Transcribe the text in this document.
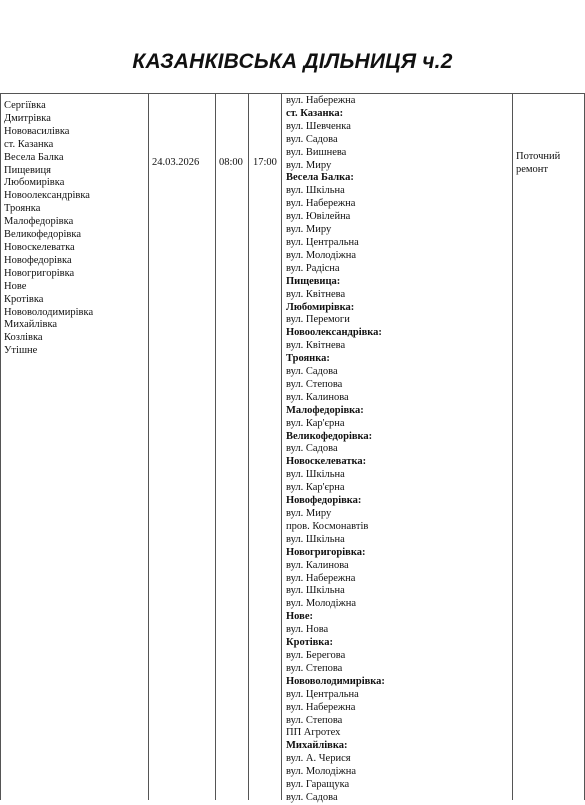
КАЗАНКІВСЬКА ДІЛЬНИЦЯ ч.2
Сергіївка
Дмитрівка
Нововасилівка
ст. Казанка
Весела Балка
Пищевиця
Любомирівка
Новоолександрівка
Троянка
Малофедорівка
Великофедорівка
Новоскелеватка
Новофедорівка
Новогригорівка
Нове
Кротівка
Нововолодимирівка
Михайлівка
Козлівка
Утішне
24.03.2026 08:00 17:00
вул. Набережна
ст. Казанка:
вул. Шевченка
вул. Садова
вул. Вишнева
вул. Миру
Весела Балка:
вул. Шкільна
вул. Набережна
вул. Ювілейна
вул. Миру
вул. Центральна
вул. Молодіжна
вул. Радісна
Пищевица:
вул. Квітнева
Любомирівка:
вул. Перемоги
Новоолександрівка:
вул. Квітнева
Троянка:
вул. Садова
вул. Степова
вул. Калинова
Малофедорівка:
вул. Кар'єрна
Великофедорівка:
вул. Садова
Новоскелеватка:
вул. Шкільна
вул. Кар'єрна
Новофедорівка:
вул. Миру
пров. Космонавтів
вул. Шкільна
Новогригорівка:
вул. Калинова
вул. Набережна
вул. Шкільна
вул. Молодіжна
Нове:
вул. Нова
Кротівка:
вул. Берегова
вул. Степова
Нововолодимирівка:
вул. Центральна
вул. Набережна
вул. Степова
ПП Агротех
Михайлівка:
вул. А. Черися
вул. Молодіжна
вул. Гаращука
вул. Садова
Поточний
ремонт
